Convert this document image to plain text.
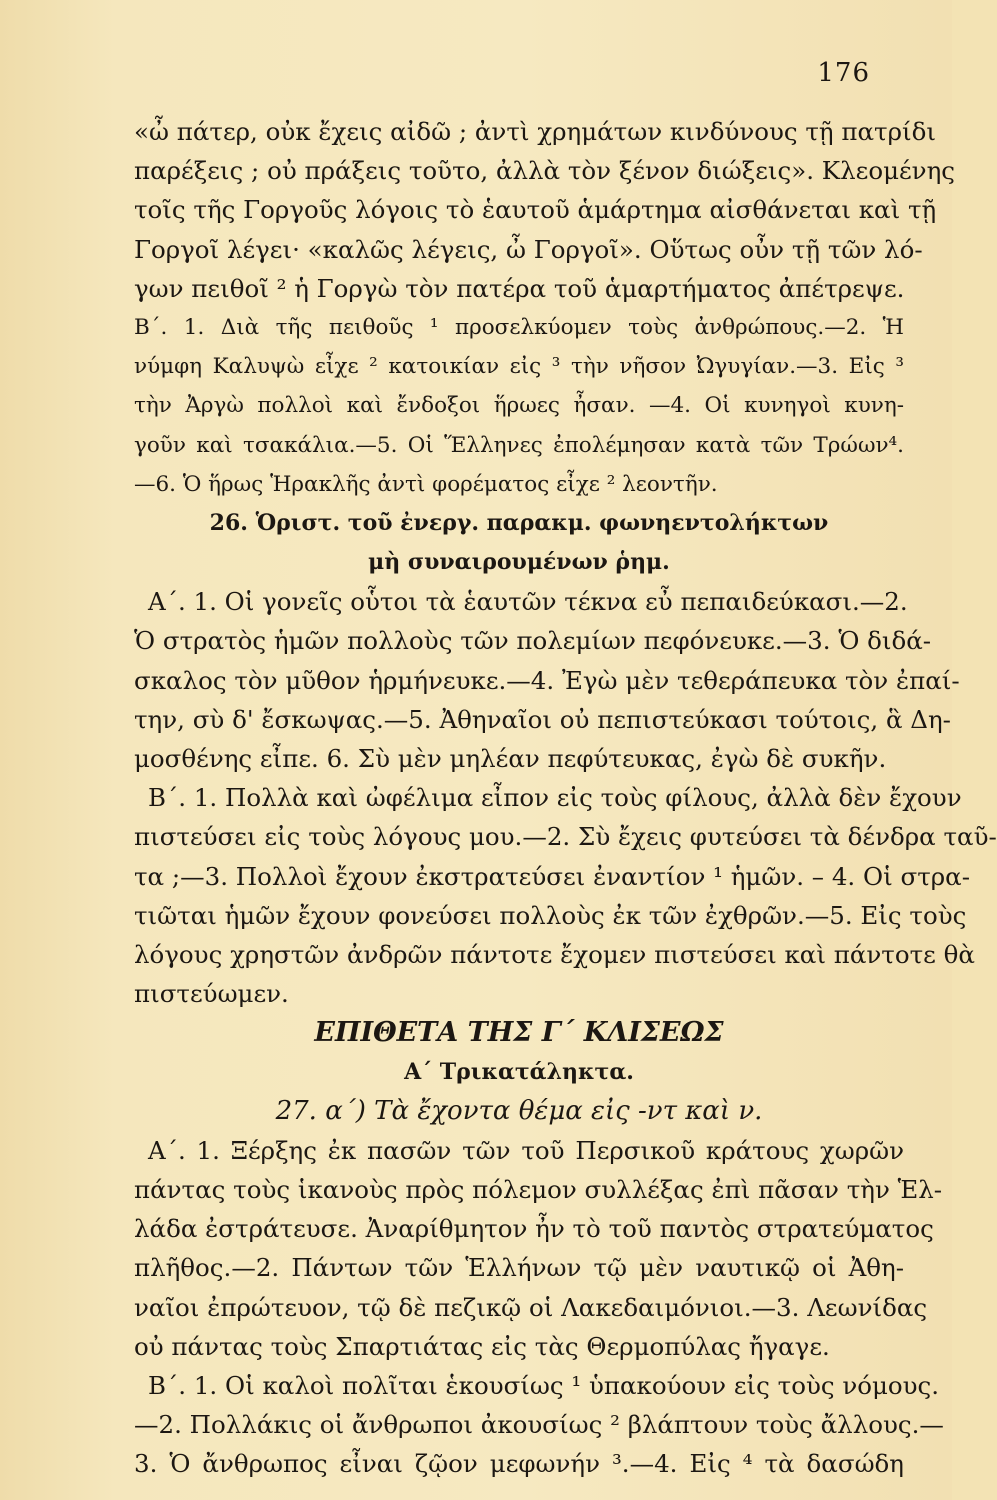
176
«ὦ πάτερ, οὐκ ἔχεις αἰδῶ ; ἀντὶ χρημάτων κινδύνους τῇ πατρίδι
παρέξεις ; οὐ πράξεις τοῦτο, ἀλλὰ τὸν ξένον διώξεις». Κλεομένης
τοῖς τῆς Γοργοῦς λόγοις τὸ ἑαυτοῦ ἁμάρτημα αἰσθάνεται καὶ τῇ
Γοργοῖ λέγει· «καλῶς λέγεις, ὦ Γοργοῖ». Οὕτως οὖν τῇ τῶν λό-
γων πειθοῖ ² ἡ Γοργὼ τὸν πατέρα τοῦ ἁμαρτήματος ἀπέτρεψε.
Β΄. 1. Διὰ τῆς πειθοῦς ¹ προσελκύομεν τοὺς ἀνθρώπους.—2. Ἡ
νύμφη Καλυψὼ εἶχε ² κατοικίαν εἰς ³ τὴν νῆσον Ὠγυγίαν.—3. Εἰς ³
τὴν Ἀργὼ πολλοὶ καὶ ἔνδοξοι ἥρωες ἦσαν. —4. Οἱ κυνηγοὶ κυνη-
γοῦν καὶ τσακάλια.—5. Οἱ Ἕλληνες ἐπολέμησαν κατὰ τῶν Τρώων⁴.
—6. Ὁ ἥρως Ἡρακλῆς ἀντὶ φορέματος εἶχε ² λεοντῆν.
26. Ὁριστ. τοῦ ἐνεργ. παρακμ. φωνηεντολήκτων
μὴ συναιρουμένων ῥημ.
Α΄. 1. Οἱ γονεῖς οὗτοι τὰ ἑαυτῶν τέκνα εὖ πεπαιδεύκασι.—2.
Ὁ στρατὸς ἡμῶν πολλοὺς τῶν πολεμίων πεφόνευκε.—3. Ὁ διδά-
σκαλος τὸν μῦθον ἡρμήνευκε.—4. Ἐγὼ μὲν τεθεράπευκα τὸν ἐπαί-
την, σὺ δ' ἔσκωψας.—5. Ἀθηναῖοι οὐ πεπιστεύκασι τούτοις, ἃ Δη-
μοσθένης εἶπε. 6. Σὺ μὲν μηλέαν πεφύτευκας, ἐγὼ δὲ συκῆν.
Β΄. 1. Πολλὰ καὶ ὠφέλιμα εἶπον εἰς τοὺς φίλους, ἀλλὰ δὲν ἔχουν
πιστεύσει εἰς τοὺς λόγους μου.—2. Σὺ ἔχεις φυτεύσει τὰ δένδρα ταῦ-
τα ;—3. Πολλοὶ ἔχουν ἐκστρατεύσει ἐναντίον ¹ ἡμῶν. – 4. Οἱ στρα-
τιῶται ἡμῶν ἔχουν φονεύσει πολλοὺς ἐκ τῶν ἐχθρῶν.—5. Εἰς τοὺς
λόγους χρηστῶν ἀνδρῶν πάντοτε ἔχομεν πιστεύσει καὶ πάντοτε θὰ
πιστεύωμεν.
ΕΠΙΘΕΤΑ ΤΗΣ Γ΄ ΚΛΙΣΕΩΣ
Α΄ Τρικατάληκτα.
27. α΄) Τὰ ἔχοντα θέμα εἰς -ντ καὶ ν.
Α΄. 1. Ξέρξης ἐκ πασῶν τῶν τοῦ Περσικοῦ κράτους χωρῶν
πάντας τοὺς ἱκανοὺς πρὸς πόλεμον συλλέξας ἐπὶ πᾶσαν τὴν Ἑλ-
λάδα ἐστράτευσε. Ἀναρίθμητον ἦν τὸ τοῦ παντὸς στρατεύματος
πλῆθος.—2. Πάντων τῶν Ἑλλήνων τῷ μὲν ναυτικῷ οἱ Ἀθη-
ναῖοι ἐπρώτευον, τῷ δὲ πεζικῷ οἱ Λακεδαιμόνιοι.—3. Λεωνίδας
οὐ πάντας τοὺς Σπαρτιάτας εἰς τὰς Θερμοπύλας ἤγαγε.
Β΄. 1. Οἱ καλοὶ πολῖται ἑκουσίως ¹ ὑπακούουν εἰς τοὺς νόμους.
—2. Πολλάκις οἱ ἄνθρωποι ἀκουσίως ² βλάπτουν τοὺς ἄλλους.—
3. Ὁ ἄνθρωπος εἶναι ζῷον μεφωνήν ³.—4. Εἰς ⁴ τὰ δασώδη
